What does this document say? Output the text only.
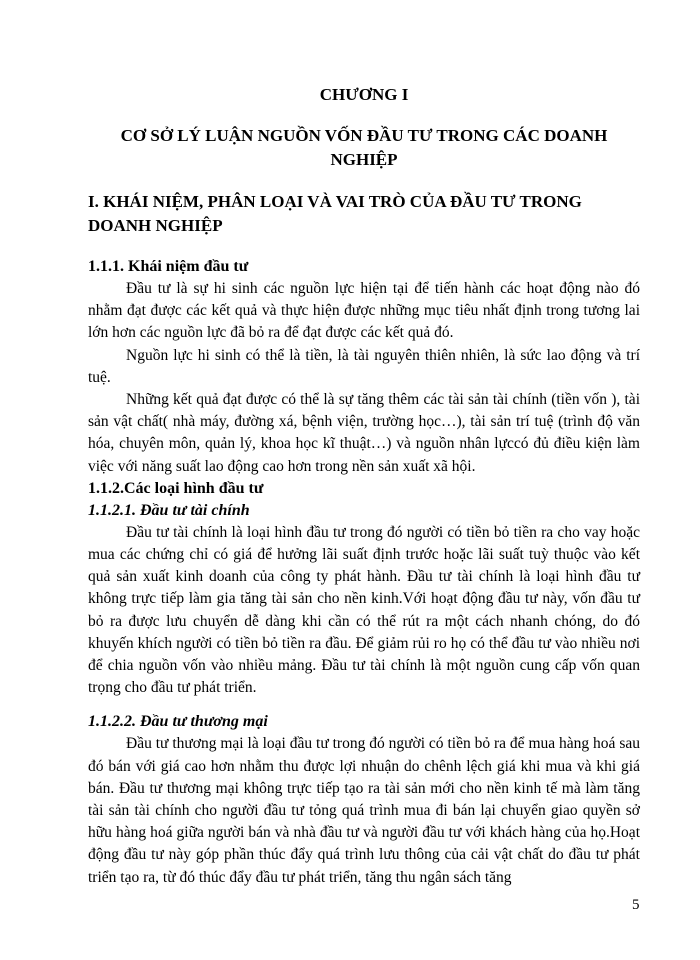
CHƯƠNG I
CƠ SỞ LÝ LUẬN NGUỒN VỐN ĐẦU TƯ TRONG CÁC DOANH NGHIỆP
I. KHÁI NIỆM, PHÂN LOẠI VÀ VAI TRÒ CỦA ĐẦU TƯ TRONG DOANH NGHIỆP
1.1.1. Khái niệm đầu tư

Đầu tư là sự hi sinh các nguồn lực hiện tại để tiến hành các hoạt động nào đó nhằm đạt được các kết quả và thực hiện được những mục tiêu nhất định trong tương lai lớn hơn các nguồn lực đã bỏ ra để đạt được các kết quả đó.

Nguồn lực hi sinh có thể là tiền, là tài nguyên thiên nhiên, là sức lao động và trí tuệ.

Những kết quả đạt được có thể là sự tăng thêm các tài sản tài chính (tiền vốn ), tài sản vật chất( nhà máy, đường xá, bệnh viện, trường học…), tài sản trí tuệ (trình độ văn hóa, chuyên môn, quản lý, khoa học kĩ thuật…) và nguồn nhân lựccó đủ điều kiện làm việc với năng suất lao động cao hơn trong nền sản xuất xã hội.

1.1.2.Các loại hình đầu tư
1.1.2.1. Đầu tư tài chính

Đầu tư tài chính là loại hình đầu tư trong đó người có tiền bỏ tiền ra cho vay hoặc mua các chứng chỉ có giá để hưởng lãi suất định trước hoặc lãi suất tuỳ thuộc vào kết quả sản xuất kinh doanh của công ty phát hành. Đầu tư tài chính là loại hình đầu tư không trực tiếp làm gia tăng tài sản cho nền kinh.Với hoạt động đầu tư này, vốn đầu tư bỏ ra được lưu chuyển dễ dàng khi cần có thể rút ra một cách nhanh chóng, do đó khuyến khích người có tiền bỏ tiền ra đầu. Để giảm rủi ro họ có thể đầu tư vào nhiều nơi để chia nguồn vốn vào nhiều mảng. Đầu tư tài chính là một nguồn cung cấp vốn quan trọng cho đầu tư phát triển.

1.1.2.2. Đầu tư thương mại

Đầu tư thương mại là loại đầu tư trong đó người có tiền bỏ ra để mua hàng hoá sau đó bán với giá cao hơn nhằm thu được lợi nhuận do chênh lệch giá khi mua và khi giá bán. Đầu tư thương mại không trực tiếp tạo ra tài sản mới cho nền kinh tế mà làm tăng tài sản tài chính cho người đầu tư tỏng quá trình mua đi bán lại chuyển giao quyền sở hữu hàng hoá giữa người bán và nhà đầu tư và người đầu tư với khách hàng của họ.Hoạt động đầu tư này góp phần thúc đẩy quá trình lưu thông của cải vật chất do đầu tư phát triển tạo ra, từ đó thúc đẩy đầu tư phát triển, tăng thu ngân sách tăng

5
